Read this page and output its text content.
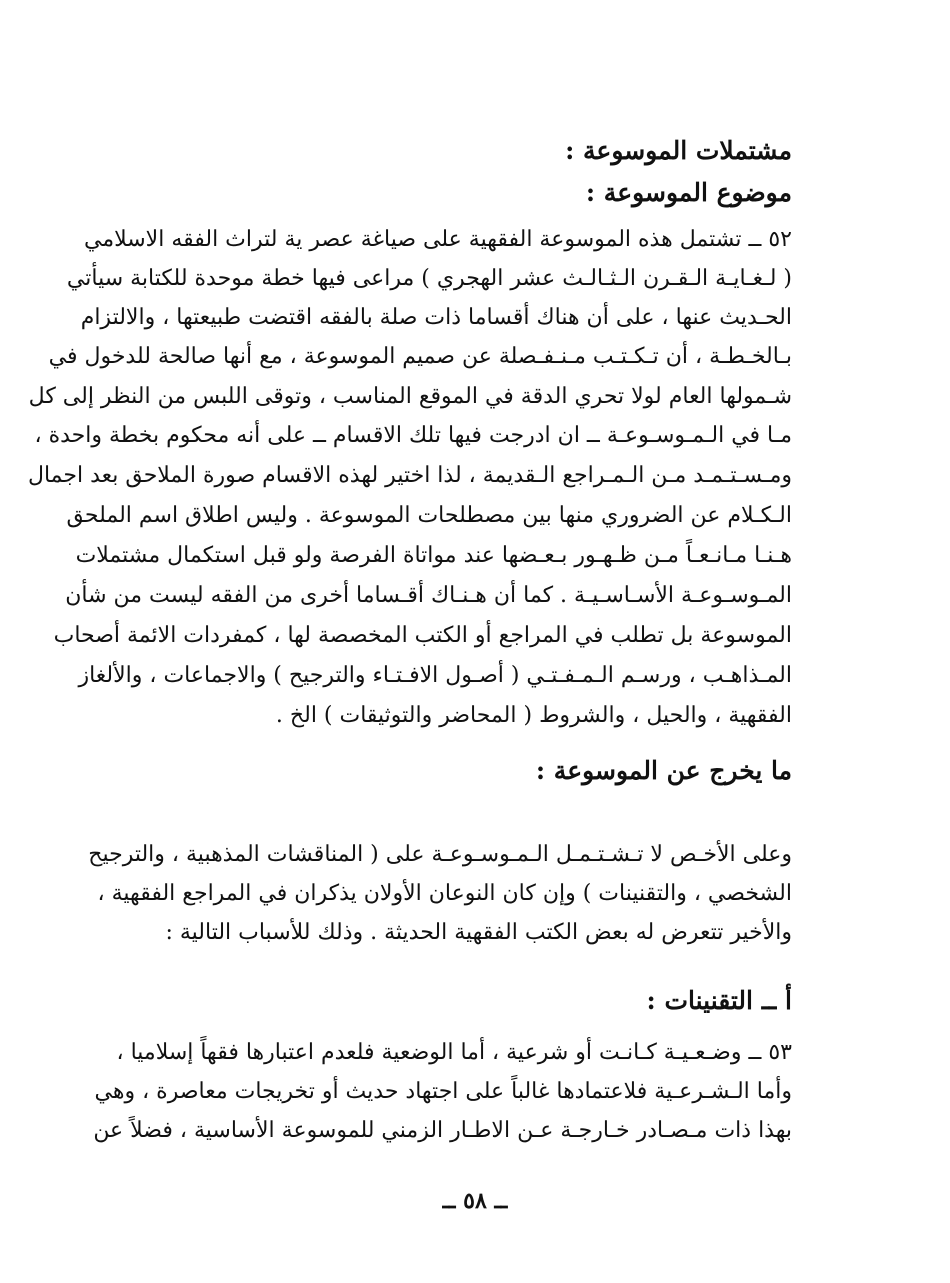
مشتملات الموسوعة :
موضوع الموسوعة :

٥٢ ــ تشتمل هذه الموسوعة الفقهية على صياغة عصر ية لتراث الفقه الاسلامي

( لـغـايـة الـقـرن الـثـالـث عشر الهجري ) مراعى فيها خطة موحدة للكتابة سيأتي

الحـديث عنها ، على أن هناك أقساما ذات صلة بالفقه اقتضت طبيعتها ، والالتزام

بـالخـطـة ، أن تـكـتـب مـنـفـصلة عن صميم الموسوعة ، مع أنها صالحة للدخول في

شـمولها العام لولا تحري الدقة في الموقع المناسب ، وتوقى اللبس من النظر إلى كل

مـا في الـمـوسـوعـة ــ ان ادرجت فيها تلك الاقسام ــ على أنه محكوم بخطة واحدة ،

ومـسـتـمـد مـن الـمـراجع الـقديمة ، لذا اختير لهذه الاقسام صورة الملاحق بعد اجمال

الـكـلام عن الضروري منها بين مصطلحات الموسوعة . وليس اطلاق اسم الملحق

هـنـا مـانـعـاً مـن ظـهـور بـعـضها عند مواتاة الفرصة ولو قبل استكمال مشتملات

المـوسـوعـة الأسـاسـيـة . كما أن هـنـاك أقـساما أخرى من الفقه ليست من شأن

الموسوعة بل تطلب في المراجع أو الكتب المخصصة لها ، كمفردات الائمة أصحاب

المـذاهـب ، ورسـم الـمـفـتـي ( أصـول الافـتـاء والترجيح ) والاجماعات ، والألغاز

الفقهية ، والحيل ، والشروط ( المحاضر والتوثيقات ) الخ .

ما يخرج عن الموسوعة :

وعلى الأخـص لا تـشـتـمـل الـمـوسـوعـة على ( المناقشات المذهبية ، والترجيح

الشخصي ، والتقنينات ) وإن كان النوعان الأولان يذكران في المراجع الفقهية ،

والأخير تتعرض له بعض الكتب الفقهية الحديثة . وذلك للأسباب التالية :

أ ــ التقنينات :

٥٣ ــ وضـعـيـة كـانـت أو شرعية ، أما الوضعية فلعدم اعتبارها فقهاً إسلاميا ،

وأما الـشـرعـية فلاعتمادها غالباً على اجتهاد حديث أو تخريجات معاصرة ، وهي

بهذا ذات مـصـادر خـارجـة عـن الاطـار الزمني للموسوعة الأساسية ، فضلاً عن

ــ ٥٨ ــ
